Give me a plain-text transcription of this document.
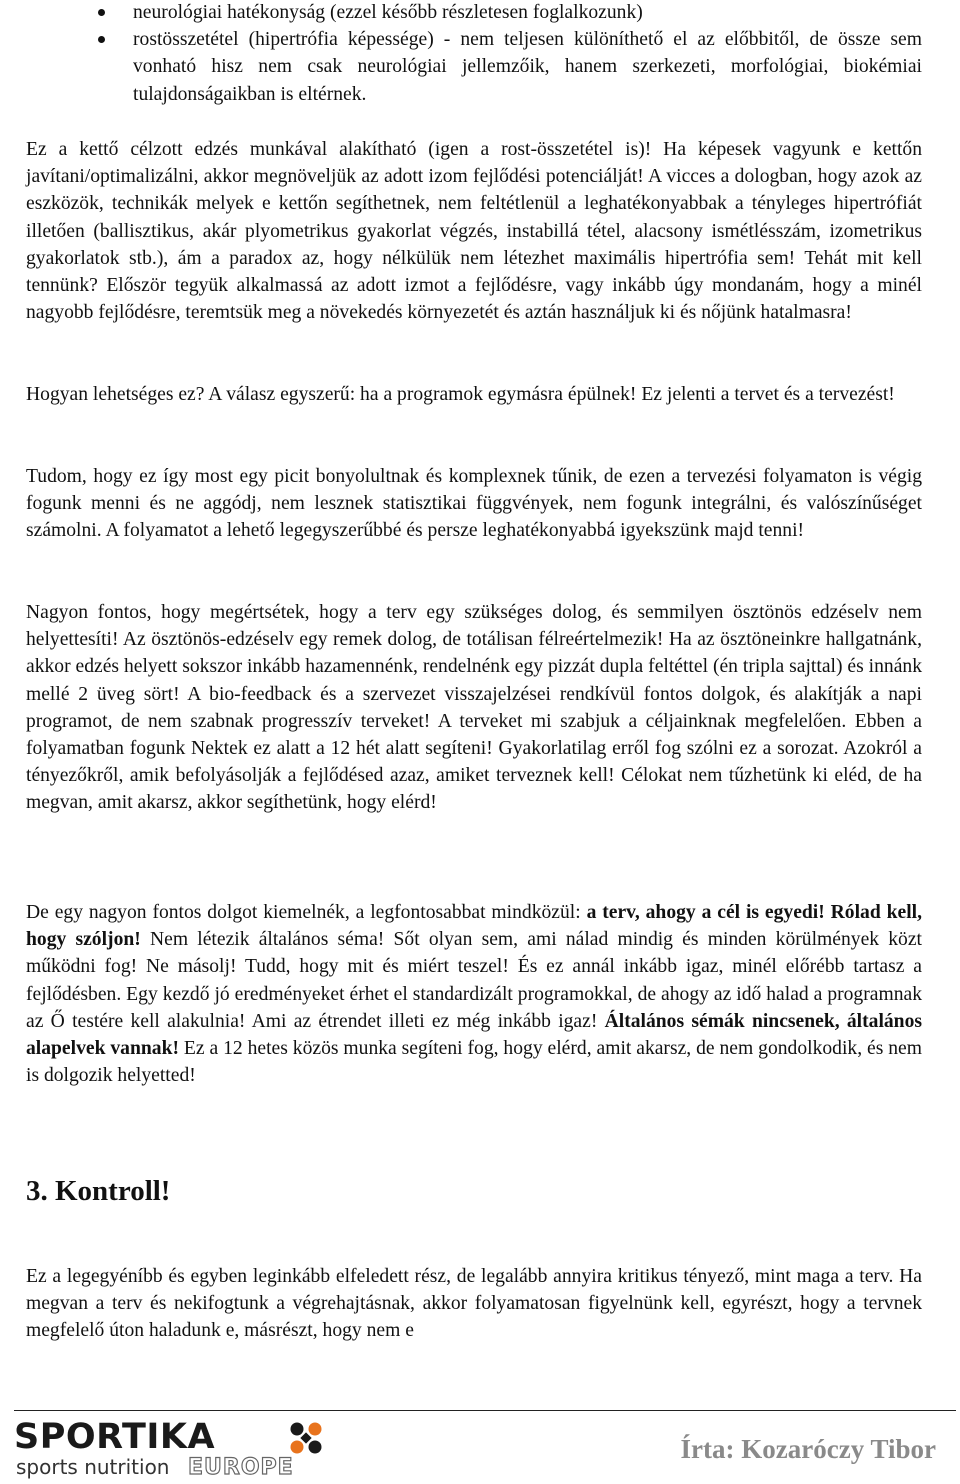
neurológiai hatékonyság (ezzel később részletesen foglalkozunk)
rostösszetétel (hipertrófia képessége) - nem teljesen különíthető el az előbbitől, de össze sem vonható hisz nem csak neurológiai jellemzőik, hanem szerkezeti, morfológiai, biokémiai tulajdonságaikban is eltérnek.

Ez a kettő célzott edzés munkával alakítható (igen a rost-összetétel is)! Ha képesek vagyunk e kettőn javítani/optimalizálni, akkor megnöveljük az adott izom fejlődési potenciálját! A vicces a dologban, hogy azok az eszközök, technikák melyek e kettőn segíthetnek, nem feltétlenül a leghatékonyabbak a tényleges hipertrófiát illetően (ballisztikus, akár plyometrikus gyakorlat végzés, instabillá tétel, alacsony ismétlésszám, izometrikus gyakorlatok stb.), ám a paradox az, hogy nélkülük nem létezhet maximális hipertrófia sem! Tehát mit kell tennünk? Először tegyük alkalmassá az adott izmot a fejlődésre, vagy inkább úgy mondanám, hogy a minél nagyobb fejlődésre, teremtsük meg a növekedés környezetét és aztán használjuk ki és nőjünk hatalmasra!

Hogyan lehetséges ez? A válasz egyszerű: ha a programok egymásra épülnek! Ez jelenti a tervet és a tervezést!

Tudom, hogy ez így most egy picit bonyolultnak és komplexnek tűnik, de ezen a tervezési folyamaton is végig fogunk menni és ne aggódj, nem lesznek statisztikai függvények, nem fogunk integrálni, és valószínűséget számolni. A folyamatot a lehető legegyszerűbbé és persze leghatékonyabbá igyekszünk majd tenni!

Nagyon fontos, hogy megértsétek, hogy a terv egy szükséges dolog, és semmilyen ösztönös edzéselv nem helyettesíti! Az ösztönös-edzéselv egy remek dolog, de totálisan félreértelmezik! Ha az ösztöneinkre hallgatnánk, akkor edzés helyett sokszor inkább hazamennénk, rendelnénk egy pizzát dupla feltéttel (én tripla sajttal) és innánk mellé 2 üveg sört! A bio-feedback és a szervezet visszajelzései rendkívül fontos dolgok, és alakítják a napi programot, de nem szabnak progresszív terveket! A terveket mi szabjuk a céljainknak megfelelően. Ebben a folyamatban fogunk Nektek ez alatt a 12 hét alatt segíteni! Gyakorlatilag erről fog szólni ez a sorozat. Azokról a tényezőkről, amik befolyásolják a fejlődésed azaz, amiket terveznek kell! Célokat nem tűzhetünk ki eléd, de ha megvan, amit akarsz, akkor segíthetünk, hogy elérd!

De egy nagyon fontos dolgot kiemelnék, a legfontosabbat mindközül: a terv, ahogy a cél is egyedi! Rólad kell, hogy szóljon! Nem létezik általános séma! Sőt olyan sem, ami nálad mindig és minden körülmények közt működni fog! Ne másolj! Tudd, hogy mit és miért teszel! És ez annál inkább igaz, minél előrébb tartasz a fejlődésben. Egy kezdő jó eredményeket érhet el standardizált programokkal, de ahogy az idő halad a programnak az Ő testére kell alakulnia! Ami az étrendet illeti ez még inkább igaz! Általános sémák nincsenek, általános alapelvek vannak! Ez a 12 hetes közös munka segíteni fog, hogy elérd, amit akarsz, de nem gondolkodik, és nem is dolgozik helyetted!

3. Kontroll!

Ez a legegyéníbb és egyben leginkább elfeledett rész, de legalább annyira kritikus tényező, mint maga a terv. Ha megvan a terv és nekifogtunk a végrehajtásnak, akkor folyamatosan figyelnünk kell, egyrészt, hogy a tervnek megfelelő úton haladunk e, másrészt, hogy nem e

SPORTIKA
sports nutrition EUROPE
Írta: Kozaróczy Tibor
